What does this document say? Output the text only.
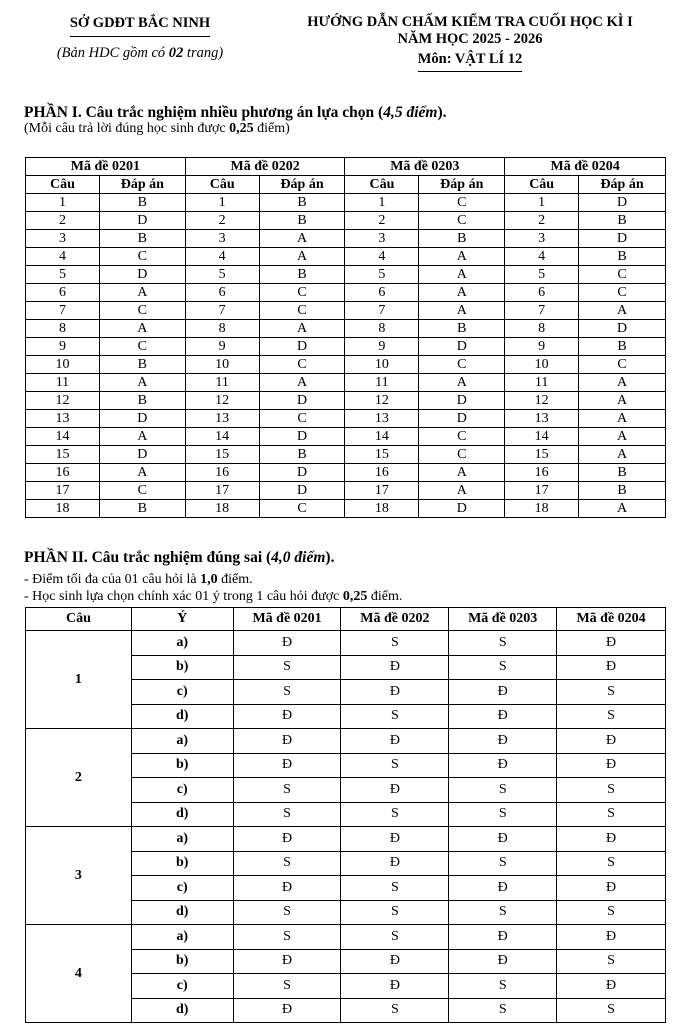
SỞ GDĐT BẮC NINH
(Bản HDC gồm có 02 trang)
HƯỚNG DẪN CHẤM KIỂM TRA CUỐI HỌC KÌ I
NĂM HỌC 2025 - 2026
Môn: VẬT LÍ 12
PHẦN I. Câu trắc nghiệm nhiều phương án lựa chọn (4,5 điểm).
(Mỗi câu trả lời đúng học sinh được 0,25 điểm)
Mã đề 0201		Mã đề 0202		Mã đề 0203		Mã đề 0204	
Câu	Đáp án	Câu	Đáp án	Câu	Đáp án	Câu	Đáp án
1	B	1	B	1	C	1	D
2	D	2	B	2	C	2	B
3	B	3	A	3	B	3	D
4	C	4	A	4	A	4	B
5	D	5	B	5	A	5	C
6	A	6	C	6	A	6	C
7	C	7	C	7	A	7	A
8	A	8	A	8	B	8	D
9	C	9	D	9	D	9	B
10	B	10	C	10	C	10	C
11	A	11	A	11	A	11	A
12	B	12	D	12	D	12	A
13	D	13	C	13	D	13	A
14	A	14	D	14	C	14	A
15	D	15	B	15	C	15	A
16	A	16	D	16	A	16	B
17	C	17	D	17	A	17	B
18	B	18	C	18	D	18	A
PHẦN II. Câu trắc nghiệm đúng sai (4,0 điểm).
- Điểm tối đa của 01 câu hỏi là 1,0 điểm.
- Học sinh lựa chọn chính xác 01 ý trong 1 câu hỏi được 0,25 điểm.
Câu	Ý	Mã đề 0201	Mã đề 0202	Mã đề 0203	Mã đề 0204
1	a)	Đ	S	S	Đ
	b)	S	Đ	S	Đ
	c)	S	Đ	Đ	S
	d)	Đ	S	Đ	S
2	a)	Đ	Đ	Đ	Đ
	b)	Đ	S	Đ	Đ
	c)	S	Đ	S	S
	d)	S	S	S	S
3	a)	Đ	Đ	Đ	Đ
	b)	S	Đ	S	S
	c)	Đ	S	Đ	Đ
	d)	S	S	S	S
4	a)	S	S	Đ	Đ
	b)	Đ	Đ	Đ	S
	c)	S	Đ	S	Đ
	d)	Đ	S	S	S
